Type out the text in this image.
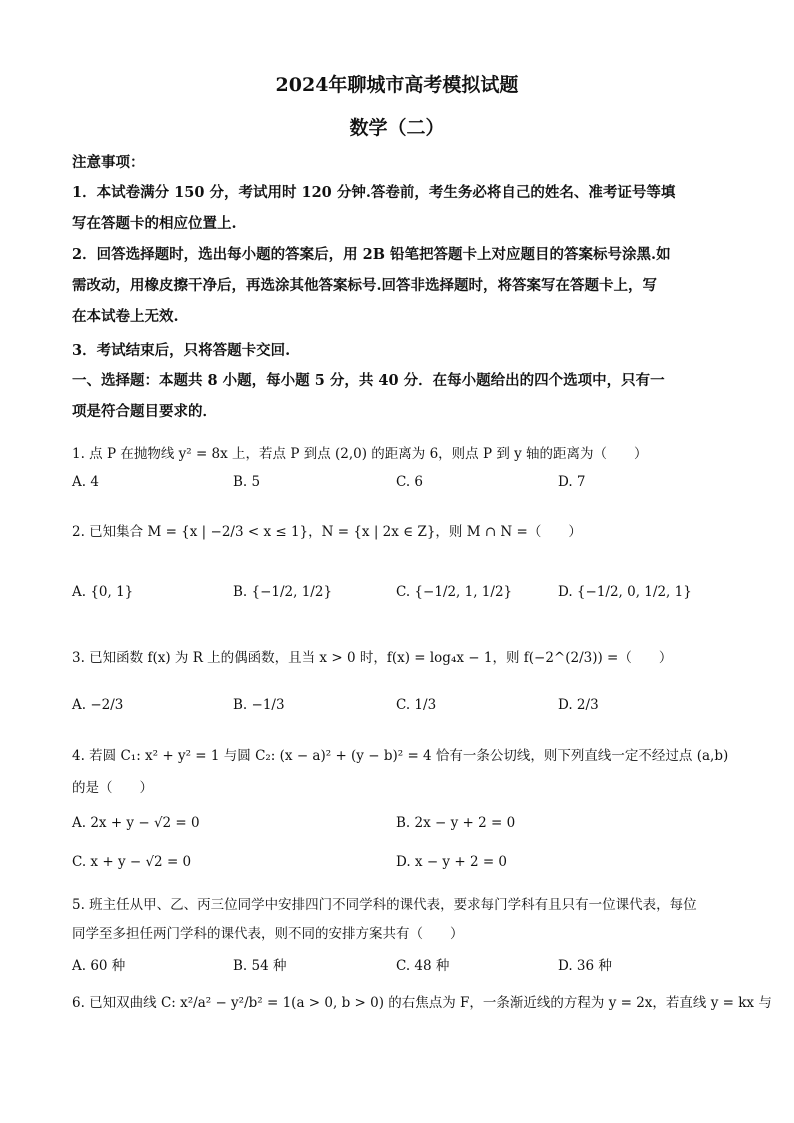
2024年聊城市高考模拟试题
数学（二）
注意事项：
1．本试卷满分 150 分，考试用时 120 分钟.答卷前，考生务必将自己的姓名、准考证号等填
写在答题卡的相应位置上.
2．回答选择题时，选出每小题的答案后，用 2B 铅笔把答题卡上对应题目的答案标号涂黑.如
需改动，用橡皮擦干净后，再选涂其他答案标号.回答非选择题时，将答案写在答题卡上，写
在本试卷上无效.
3．考试结束后，只将答题卡交回.
一、选择题：本题共 8 小题，每小题 5 分，共 40 分．在每小题给出的四个选项中，只有一
项是符合题目要求的．
1. 点 P 在抛物线 y² = 8x 上，若点 P 到点 (2,0) 的距离为 6，则点 P 到 y 轴的距离为（　　）
A. 4	B. 5	C. 6	D. 7
2. 已知集合 M = {x | −2/3 < x ≤ 1}，N = {x | 2x ∈ Z}，则 M ∩ N =（　　）
A. {0, 1}	B. {−1/2, 1/2}	C. {−1/2, 1, 1/2}	D. {−1/2, 0, 1/2, 1}
3. 已知函数 f(x) 为 R 上的偶函数，且当 x > 0 时，f(x) = log₄x − 1，则 f(−2^(2/3)) =（　　）
A. −2/3	B. −1/3	C. 1/3	D. 2/3
4. 若圆 C₁: x² + y² = 1 与圆 C₂: (x − a)² + (y − b)² = 4 恰有一条公切线，则下列直线一定不经过点 (a,b)
的是（　　）
A. 2x + y − √2 = 0	B. 2x − y + 2 = 0
C. x + y − √2 = 0	D. x − y + 2 = 0
5. 班主任从甲、乙、丙三位同学中安排四门不同学科的课代表，要求每门学科有且只有一位课代表，每位
同学至多担任两门学科的课代表，则不同的安排方案共有（　　）
A. 60 种	B. 54 种	C. 48 种	D. 36 种
6. 已知双曲线 C: x²/a² − y²/b² = 1(a > 0, b > 0) 的右焦点为 F，一条渐近线的方程为 y = 2x，若直线 y = kx 与
